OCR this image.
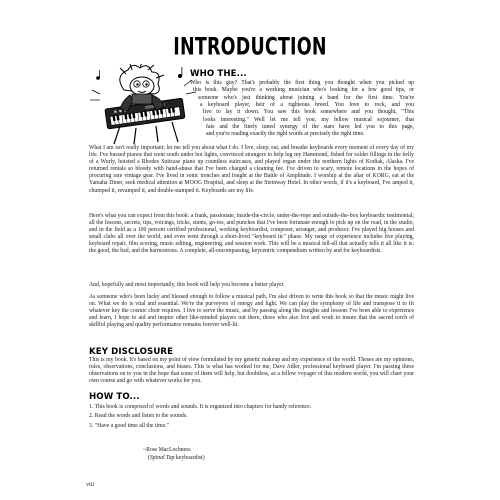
INTRODUCTION
WHO THE...
Who is this guy? That's probably the first thing you thought when you picked up
this book. Maybe you're a working musician who's looking for a few good tips, or
someone who's just thinking about joining a band for the first time. You're
a keyboard player, heir of a righteous breed. You love to rock, and you
live to lay it down. You saw this book somewhere and you thought, "This
looks interesting." Well let me tell you, my fellow musical sojourner, that
fate and the finely tuned synergy of the stars have led you to this page,
and you're reading exactly the right words at precisely the right time.

What I am isn't really important; let me tell you about what I do. I live, sleep, eat, and breathe keyboards every moment of every day of my life. I've bussed pianos that went south under hot lights, convinced strangers to help lug my Hammond, fished for solder fillings in the belly of a Wurly, hoisted a Rhodes Suitcase piano up countless staircases, and played organ under the northern lights of Kodiak, Alaska. I've returned rentals so bloody with hand-abuse that I've been charged a cleaning fee. I've driven to scary, remote locations in the hopes of procuring rare vintage gear. I've lived in sonic trenches and fought at the Battle of Amplitude. I worship at the altar of KORG, eat at the Yamaha Diner, seek medical attention at MOOG Hospital, and sleep at the Steinway Hotel. In other words, if it's a keyboard, I've amped it, chumped it, revamped it, and double-stamped it. Keyboards are my life.

Here's what you can expect from this book: a frank, passionate, inside-the-circle, under-the-rope and outside-the-box keyboardic testimonial; all the lessons, secrets, tips, voicings, tricks, stunts, go-tos, and punches that I've been fortunate enough to pick up on the road, in the studio, and in the field as a 100 percent certified professional, working keyboardist, composer, arranger, and producer. I've played big houses and small clubs all over the world, and even went through a short-lived "keyboard tic" phase. My range of experience includes live playing, keyboard repair, film scoring, music editing, engineering, and session work. This will be a musical tell-all that actually tells it all like it is: the good, the bad, and the harmonious. A complete, all-encompassing, keycentric compendium written by and for keyboardists.

And, hopefully and most importantly, this book will help you become a better player.

As someone who's been lucky and blessed enough to follow a musical path, I'm also driven to write this book so that the music might live on. What we do is vital and essential. We're the purveyors of energy and light. We can play the symphony of life and transpose it to fit whatever key the cosmic choir requires. I live to serve the music, and by passing along the insights and lessons I've been able to experience and learn, I hope to aid and inspire other like-minded players out there, those who also live and work to insure that the sacred torch of skillful playing and quality performance remains forever well-lit.

KEY DISCLOSURE

This is my book. It's based on my point of view formulated by my genetic makeup and my experience of the world. Theses are my opinions, rules, observations, conclusions, and biases. This is what has worked for me, Dave Adler, professional keyboard player. I'm passing these observations on to you in the hope that some of them will help, but doubtless, as a fellow voyager of this modern world, you will chart your own course and go with whatever works for you.

HOW TO...

1. This book is composed of words and sounds. It is organized into chapters for handy reference.

2. Read the words and listen to the sounds.

3. "Have a good time all the time."

~Ross MacLochness
(Spinal Tap keyboardist)
viii
